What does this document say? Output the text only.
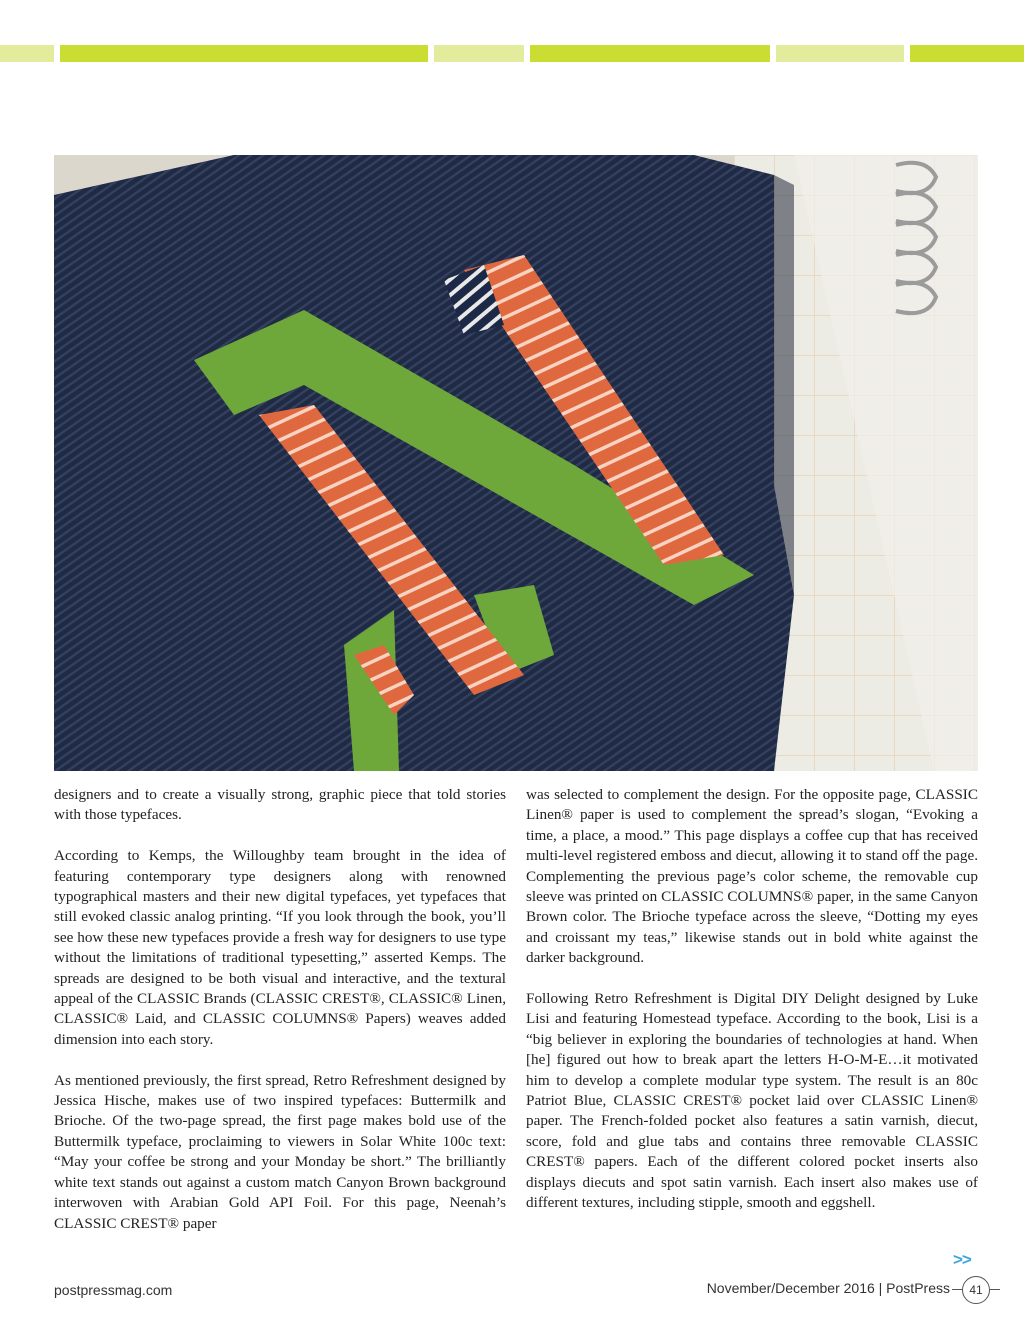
designers and to create a visually strong, graphic piece that told stories with those typefaces.

According to Kemps, the Willoughby team brought in the idea of featuring contemporary type designers along with renowned typographical masters and their new digital typefaces, yet typefaces that still evoked classic analog printing. “If you look through the book, you’ll see how these new typefaces provide a fresh way for designers to use type without the limitations of traditional typesetting,” asserted Kemps. The spreads are designed to be both visual and interactive, and the textural appeal of the CLASSIC Brands (CLASSIC CREST®, CLASSIC® Linen, CLASSIC® Laid, and CLASSIC COLUMNS® Papers) weaves added dimension into each story.

As mentioned previously, the first spread, Retro Refreshment designed by Jessica Hische, makes use of two inspired typefaces: Buttermilk and Brioche. Of the two-page spread, the first page makes bold use of the Buttermilk typeface, proclaiming to viewers in Solar White 100c text: “May your coffee be strong and your Monday be short.” The brilliantly white text stands out against a custom match Canyon Brown background interwoven with Arabian Gold API Foil. For this page, Neenah’s CLASSIC CREST® paper

was selected to complement the design. For the opposite page, CLASSIC Linen® paper is used to complement the spread’s slogan, “Evoking a time, a place, a mood.” This page displays a coffee cup that has received multi-level registered emboss and diecut, allowing it to stand off the page. Complementing the previous page’s color scheme, the removable cup sleeve was printed on CLASSIC COLUMNS® paper, in the same Canyon Brown color. The Brioche typeface across the sleeve, “Dotting my eyes and croissant my teas,” likewise stands out in bold white against the darker background.

Following Retro Refreshment is Digital DIY Delight designed by Luke Lisi and featuring Homestead typeface. According to the book, Lisi is a “big believer in exploring the boundaries of technologies at hand. When [he] figured out how to break apart the letters H-O-M-E…it motivated him to develop a complete modular type system. The result is an 80c Patriot Blue, CLASSIC CREST® pocket laid over CLASSIC Linen® paper. The French-folded pocket also features a satin varnish, diecut, score, fold and glue tabs and contains three removable CLASSIC CREST® papers. Each of the different colored pocket inserts also displays diecuts and spot satin varnish. Each insert also makes use of different textures, including stipple, smooth and eggshell.

>>
postpressmag.com	November/December 2016 | PostPress	41
